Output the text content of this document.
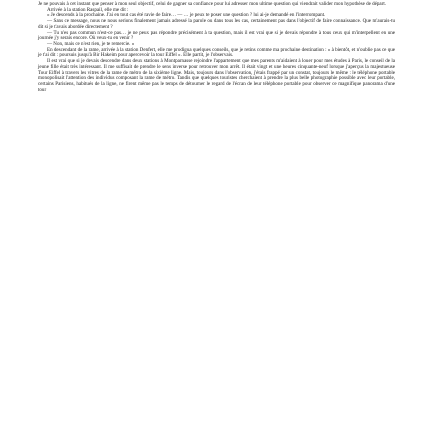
Je ne pouvais à cet instant que penser à mon seul objectif, celui de gagner sa confiance pour lui adresser mon ultime question qui viendrait valider mon hypothèse de départ.

Arrivée à la station Raspail, elle me dit :

« Je descends à la prochaine. J'ai en tout cas été ravie de faire… — … je peux te poser une question ? lui ai-je demandé en l'interrompant.

— Sans ce message, nous ne nous serions finalement jamais adressé la parole ou dans tous les cas, certainement pas dans l'objectif de faire connaissance. Que m'aurais-tu dit si je t'avais abordée directement ?

— Tu n'es pas commun n'est-ce pas… je ne peux pas répondre précisément à ta question, mais il est vrai que si je devais répondre à tous ceux qui m'interpellent en une journée j'y serais encore. Où veux-tu en venir ?

— Non, mais ce n'est rien, je te remercie. »

En descendant de la rame, arrivée à la station Denfert, elle me prodigua quelques conseils, que je retins comme ma prochaine destination : « à bientôt, et n'oublie pas ce que je t'ai dit : poursuis jusqu'à Bir Hakeim pour apercevoir la tour Eiffel ». Elle partit, je l'observais.

Il est vrai que si je devais descendre dans deux stations à Montparnasse rejoindre l'appartement que mes parents m'aidaient à louer pour mes études à Paris, le conseil de la jeune fille était très intéressant. Il me suffisait de prendre le sens inverse pour retrouver mon arrêt. Il était vingt et une heures cinquante-neuf lorsque j'aperçus la majestueuse Tour Eiffel à travers les vitres de la rame de métro de la sixième ligne. Mais, toujours dans l'observation, j'étais frappé par un constat, toujours le même : le téléphone portable monopolisait l'attention des individus composant la rame de métro. Tandis que quelques touristes cherchaient à prendre la plus belle photographie possible avec leur portable, certains Parisiens, habitués de la ligne, ne firent même pas le temps de détourner le regard de l'écran de leur téléphone portable pour observer ce magnifique panorama d'une tour
